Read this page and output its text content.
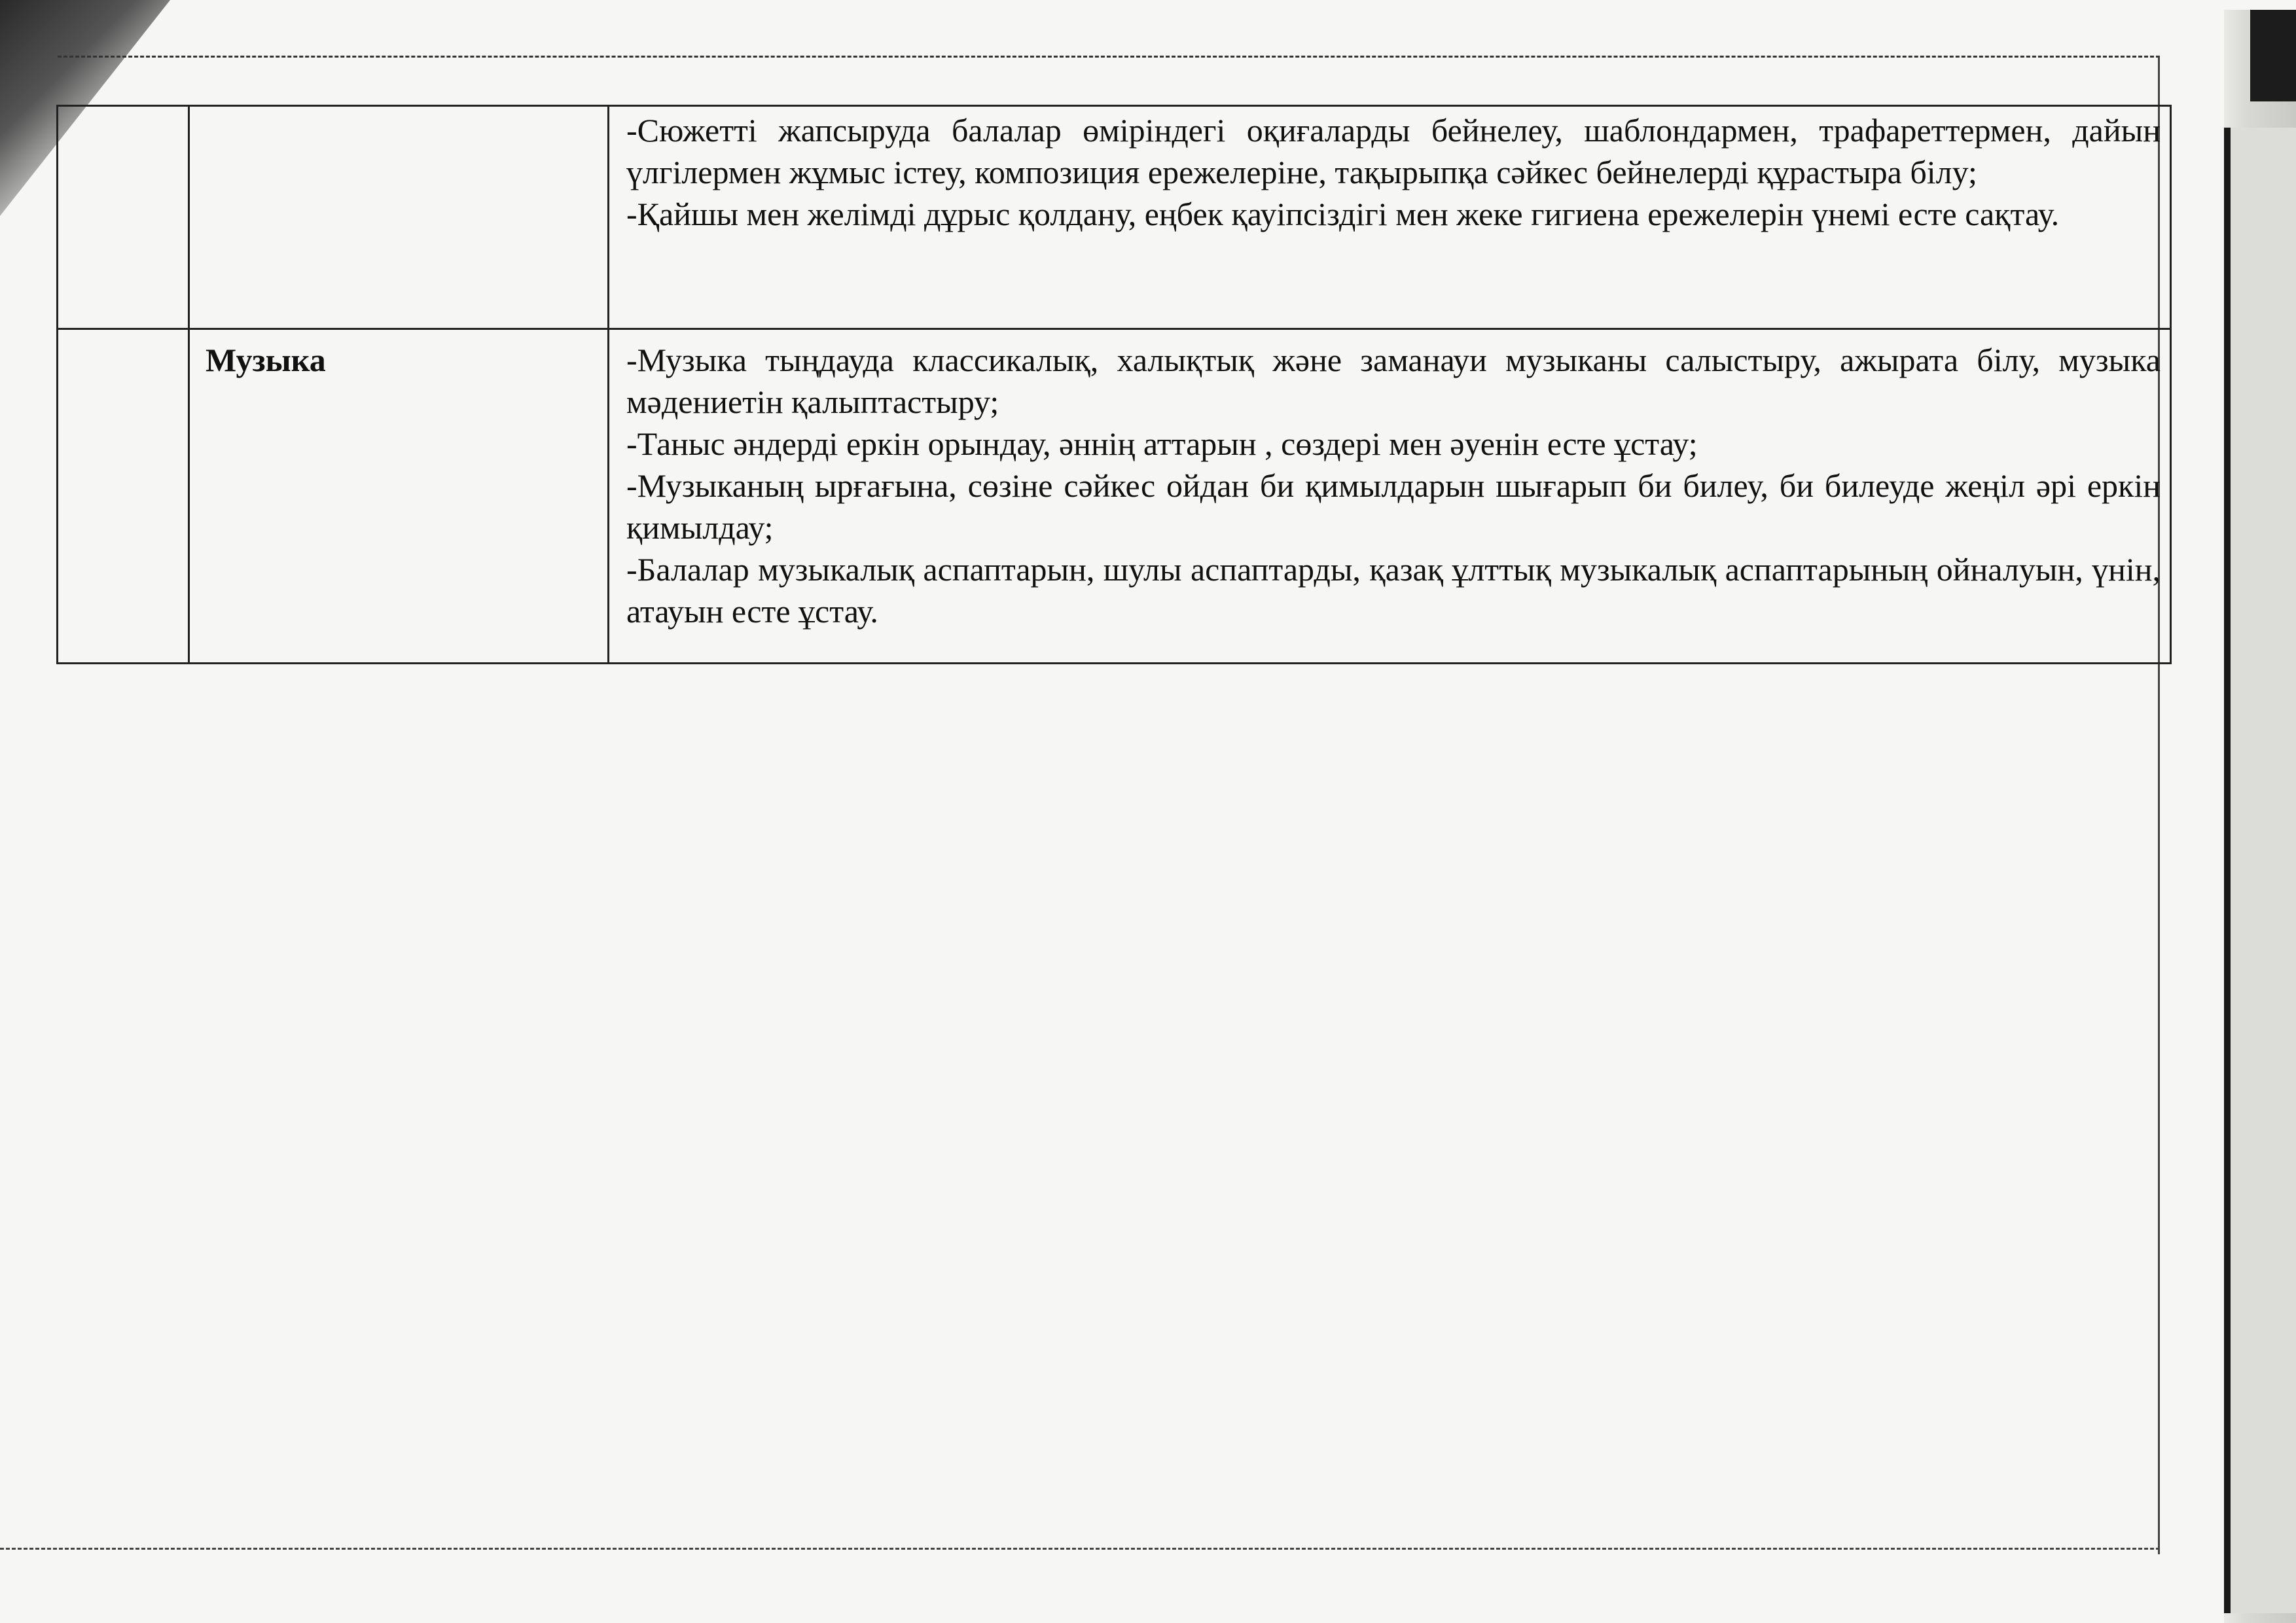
		-Сюжетті жапсыруда балалар өміріндегі оқиғаларды бейнелеу, шаблондармен, трафареттермен, дайын үлгілермен жұмыс істеу, композиция ережелеріне, тақырыпқа сәйкес бейнелерді құрастыра білу;

-Қайшы мен желімді дұрыс қолдану, еңбек қауіпсіздігі мен жеке гигиена ережелерін үнемі есте сақтау.

	Музыка	-Музыка тыңдауда классикалық, халықтық және заманауи музыканы салыстыру, ажырата білу, музыка мәдениетін қалыптастыру;

-Таныс әндерді еркін орындау, әннің аттарын , сөздері мен әуенін есте ұстау;

-Музыканың ырғағына, сөзіне сәйкес ойдан би қимылдарын шығарып би билеу, би билеуде жеңіл әрі еркін қимылдау;

-Балалар музыкалық аспаптарын, шулы аспаптарды, қазақ ұлттық музыкалық аспаптарының ойналуын, үнін, атауын есте ұстау.
